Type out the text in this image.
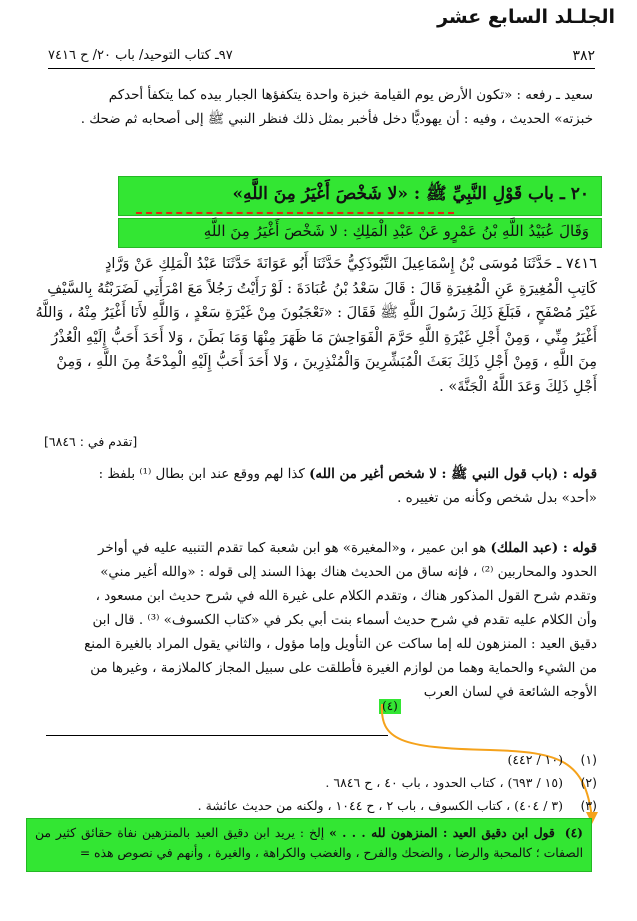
الجلـلد السابع عشر
٣٨٢
٩٧ـ كتاب التوحيد/ باب ٢٠/ ح ٧٤١٦
سعيد ـ رفعه : «تكون الأرض يوم القيامة خبزة واحدة يتكفؤها الجبار بيده كما يتكفأ أحدكم
خبزته» الحديث ، وفيه : أن يهوديًّا دخل فأخبر بمثل ذلك فنظر النبي ﷺ إلى أصحابه ثم ضحك .
٢٠ ـ باب قَوْلِ النَّبِيِّ ﷺ : «لا شَخْصَ أَغْيَرُ مِنَ اللَّهِ»
وَقَالَ عُبَيْدُ اللَّهِ بْنُ عَمْرٍو عَنْ عَبْدِ الْمَلِكِ : لا شَخْصَ أَغْيَرُ مِنَ اللَّهِ
٧٤١٦ ـ حَدَّثَنَا مُوسَى بْنُ إِسْمَاعِيلَ التَّبُوذَكِيُّ حَدَّثَنَا أَبُو عَوَانَةَ حَدَّثَنَا عَبْدُ الْمَلِكِ عَنْ وَرَّادٍ
كَاتِبِ الْمُغِيرَةِ عَنِ الْمُغِيرَةِ قَالَ : قَالَ سَعْدُ بْنُ عُبَادَةَ : لَوْ رَأَيْتُ رَجُلاً مَعَ امْرَأَتِي لَضَرَبْتُهُ بِالسَّيْفِ
غَيْرَ مُصْفَحٍ ، فَبَلَغَ ذَلِكَ رَسُولَ اللَّهِ ﷺ فَقَالَ : «تَعْجَبُونَ مِنْ غَيْرَةِ سَعْدٍ ، وَاللَّهِ لأَنَا أَغْيَرُ مِنْهُ ، وَاللَّهُ
أَغْيَرُ مِنِّي ، وَمِنْ أَجْلِ غَيْرَةِ اللَّهِ حَرَّمَ الْفَوَاحِشَ مَا ظَهَرَ مِنْهَا وَمَا بَطَنَ ، وَلا أَحَدَ أَحَبُّ إِلَيْهِ الْعُذْرُ
مِنَ اللَّهِ ، وَمِنْ أَجْلِ ذَلِكَ بَعَثَ الْمُبَشِّرِينَ وَالْمُنْذِرِينَ ، وَلا أَحَدَ أَحَبُّ إِلَيْهِ الْمِدْحَةُ مِنَ اللَّهِ ، وَمِنْ
أَجْلِ ذَلِكَ وَعَدَ اللَّهُ الْجَنَّةَ» .
[تقدم في : ٦٨٤٦]
قوله : (باب قول النبي ﷺ : لا شخص أغير من الله) كذا لهم ووقع عند ابن بطال ⁽¹⁾ بلفظ :
«أحد» بدل شخص وكأنه من تغييره .
قوله : (عبد الملك) هو ابن عمير ، و«المغيرة» هو ابن شعبة كما تقدم التنبيه عليه في أواخر
الحدود والمحاربين ⁽²⁾ ، فإنه ساق من الحديث هناك بهذا السند إلى قوله : «والله أغير مني»
وتقدم شرح القول المذكور هناك ، وتقدم الكلام على غيرة الله في شرح حديث ابن مسعود ،
وأن الكلام عليه تقدم في شرح حديث أسماء بنت أبي بكر في «كتاب الكسوف» ⁽³⁾ . قال ابن
دقيق العيد : المنزهون لله إما ساكت عن التأويل وإما مؤول ، والثاني يقول المراد بالغيرة المنع
من الشيء والحماية وهما من لوازم الغيرة فأطلقت على سبيل المجاز كالملازمة ، وغيرها من
الأوجه الشائعة في لسان العرب
(٤)
(١)(١٠ / ٤٤٢)
(٢)(١٥ / ٦٩٣) ، كتاب الحدود ، باب ٤٠ ، ح ٦٨٤٦ .
(٣)(٣ / ٤٠٤) ، كتاب الكسوف ، باب ٢ ، ح ١٠٤٤ ، ولكنه من حديث عائشة .
(٤)  قول ابن دقيق العيد : المنزهون لله . . . » إلخ : يريد ابن دقيق العيد بالمنزهين نفاة حقائق كثير من الصفات ؛ كالمحبة والرضا ، والضحك والفرح ، والغضب والكراهة ، والغيرة ، وأنهم في نصوص هذه =
